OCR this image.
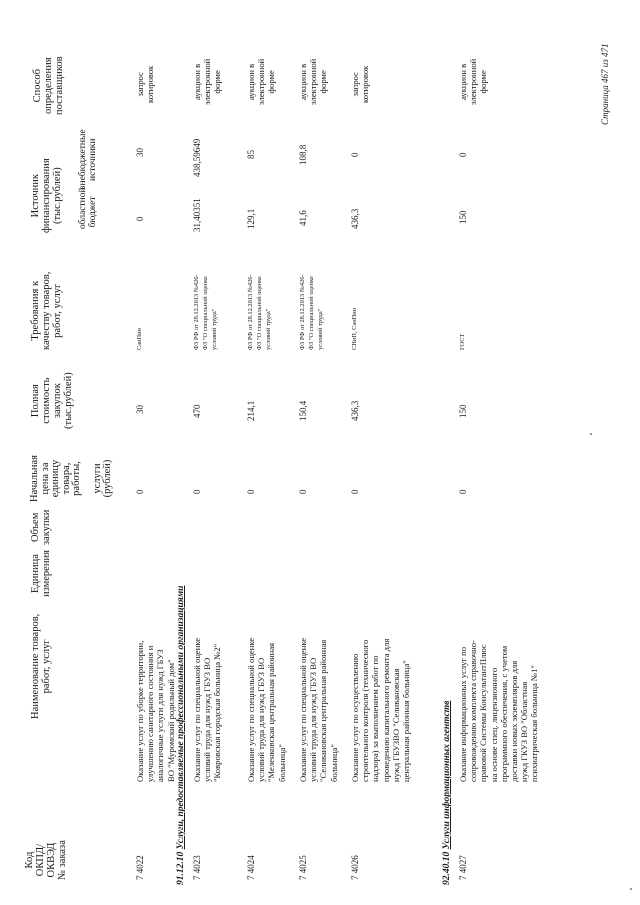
Код ОКПД/ ОКВЭД № заказа
Наименование товаров, работ, услуг
Единица измерения
Объем закупки
Начальная цена за единицу товара, работы, услуги (рублей)
Полная стоимость закупок (тыс.рублей)
Требования к качеству товаров, работ, услуг
Источник финансирования (тыс.рублей) областной бюджет
внебюджетные источники
Способ определения поставщиков
7 4022
Оказание услуг по уборке территории, улучшению санитарного состояния и аналогичные услуги для нужд ГБУЗ ВО "Муромский родильный дом"
0
30
СанПин
0
30
запрос котировок
91.12.10 Услуги, предоставляемые профессиональными организациями
7 4023
Оказание услуг по специальной оценке условий труда для нужд ГБУЗ ВО "Ковровская городская больница №2"
0
470
ФЗ РФ от 28.12.2013 №426- ФЗ "О специальной оценке условий труда"
31,40351
438,59649
аукцион в электронной форме
7 4024
Оказание услуг по специальной оценке условий труда для нужд ГБУЗ ВО "Меленковская центральная районная больница"
0
214,1
ФЗ РФ от 28.12.2013 №426- ФЗ "О специальной оценке условий труда"
129,1
85
аукцион в электронной форме
7 4025
Оказание услуг по специальной оценке условий труда для нужд ГБУЗ ВО "Селивановская центральная районная больница"
0
150,4
ФЗ РФ от 28.12.2013 №426- ФЗ "О специальной оценке условий труда"
41,6
108,8
аукцион в электронной форме
7 4026
Оказание услуг по осуществлению строительного контроля (технического надзора) за выполнением работ по проведению капитального ремонта для нужд ГБУЗВО "Селивановская центральная районная больница"
0
436,3
СНиП, СанПин
436,3
0
запрос котировок
92.40.10 Услуги информационных агентств
7 4027
Оказание информационных услуг по сопровождению комплекта справочно- правовой Системы КонсультантПлюс на основе спец. лицензионного программного обеспечения, с учетом доставки новых экземпляров для нужд ГКУЗ ВО "Областная психиатрическая больница №1"
0
150
ГОСТ
150
0
аукцион в электронной форме	Страница 467 из 471
